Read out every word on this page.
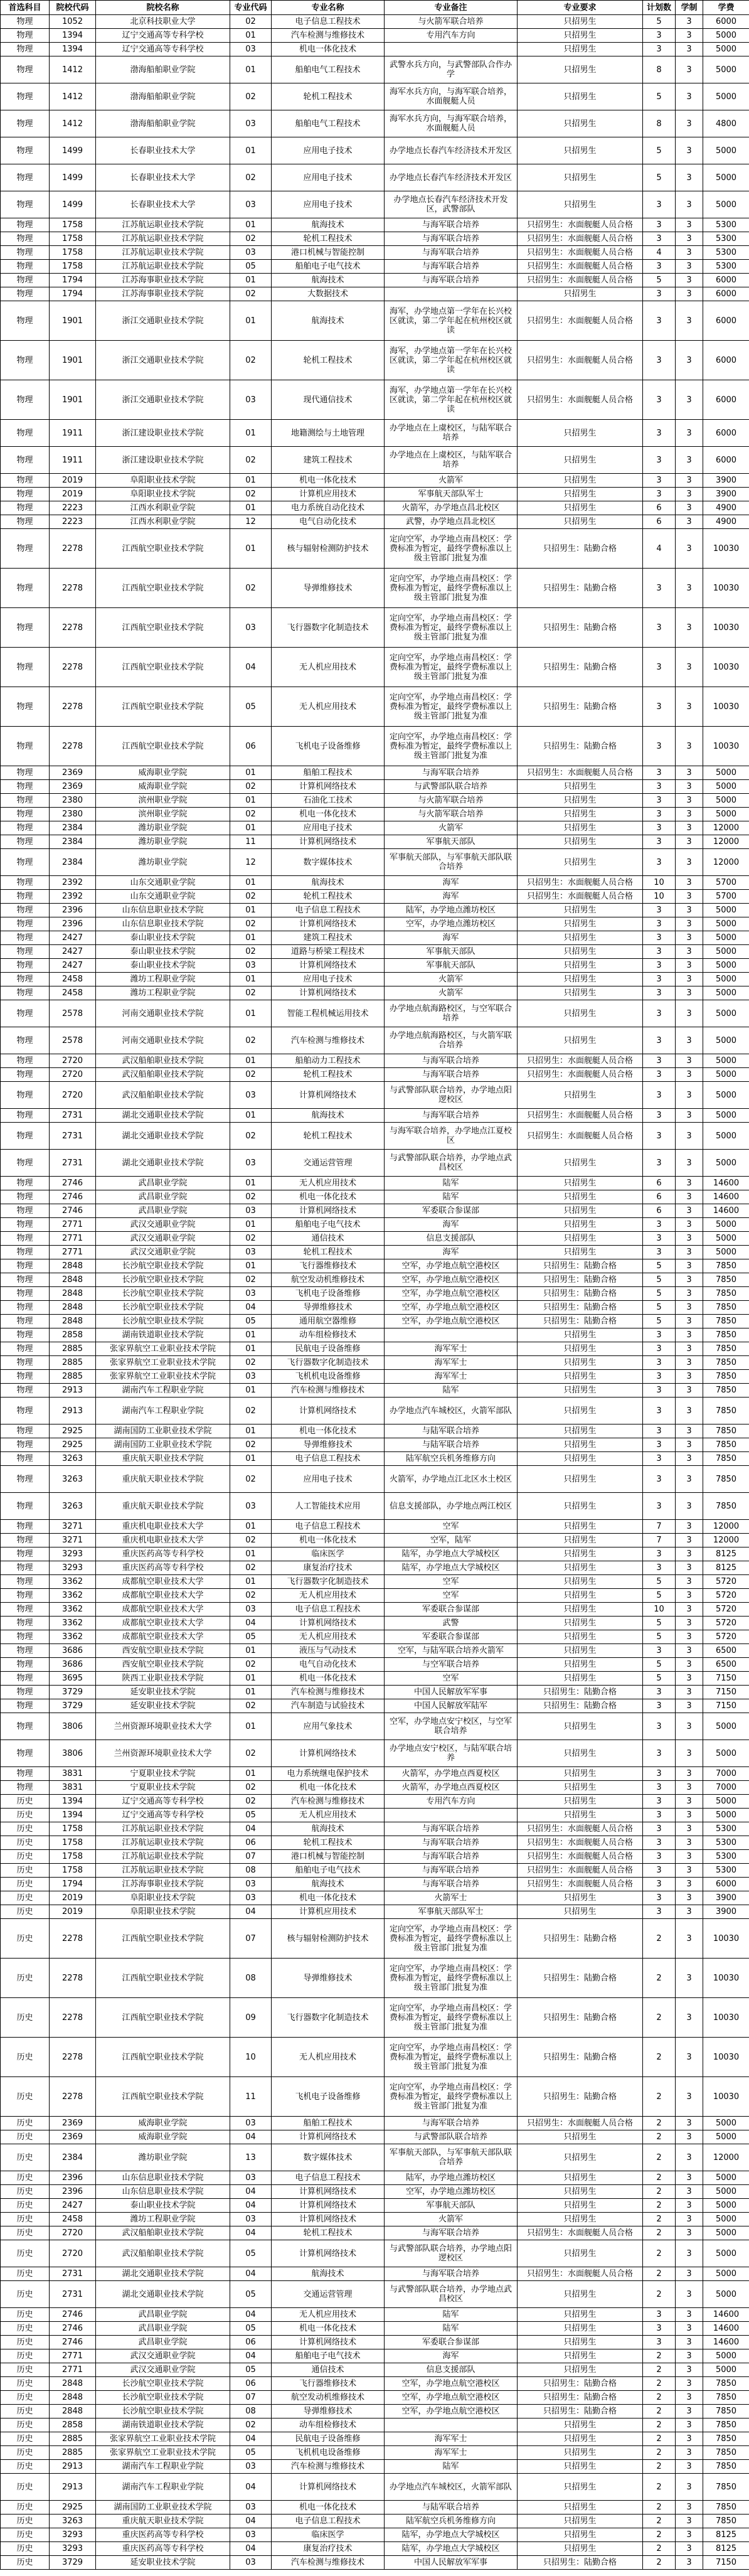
首选科目	院校代码	院校名称	专业代码	专业名称	专业备注	专业要求	计划数	学制	学费
物理	1052	北京科技职业大学	02	电子信息工程技术	与火箭军联合培养	只招男生	5	3	6000
物理	1394	辽宁交通高等专科学校	01	汽车检测与维修技术	专用汽车方向	只招男生	3	3	5000
物理	1394	辽宁交通高等专科学校	03	机电一体化技术		只招男生	3	3	5000
物理	1412	渤海船舶职业学院	01	船舶电气工程技术	武警水兵方向，与武警部队合作办学	只招男生	8	3	5000
物理	1412	渤海船舶职业学院	02	轮机工程技术	海军水兵方向，与海军联合培养，水面舰艇人员	只招男生	5	3	5000
物理	1412	渤海船舶职业学院	03	船舶电气工程技术	海军水兵方向，与海军联合培养，水面舰艇人员	只招男生	8	3	4800
物理	1499	长春职业技术大学	01	应用电子技术	办学地点长春汽车经济技术开发区	只招男生	5	3	5000
物理	1499	长春职业技术大学	02	应用电子技术	办学地点长春汽车经济技术开发区	只招男生	5	3	5000
物理	1499	长春职业技术大学	03	应用电子技术	办学地点长春汽车经济技术开发区，武警部队	只招男生	3	3	5000
物理	1758	江苏航运职业技术学院	01	航海技术	与海军联合培养	只招男生：水面舰艇人员合格	3	3	5300
物理	1758	江苏航运职业技术学院	02	轮机工程技术	与海军联合培养	只招男生：水面舰艇人员合格	3	3	5300
物理	1758	江苏航运职业技术学院	03	港口机械与智能控制	与海军联合培养	只招男生：水面舰艇人员合格	4	3	5300
物理	1758	江苏航运职业技术学院	05	船舶电子电气技术	与海军联合培养	只招男生：水面舰艇人员合格	3	3	5300
物理	1794	江苏海事职业技术学院	01	航海技术	与海军联合培养	只招男生：水面舰艇人员合格	5	3	6000
物理	1794	江苏海事职业技术学院	02	大数据技术		只招男生	3	3	6000
物理	1901	浙江交通职业技术学院	01	航海技术	海军，办学地点第一学年在长兴校区就读，第二学年起在杭州校区就读	只招男生：水面舰艇人员合格	3	3	6000
物理	1901	浙江交通职业技术学院	02	轮机工程技术	海军，办学地点第一学年在长兴校区就读，第二学年起在杭州校区就读	只招男生：水面舰艇人员合格	3	3	6000
物理	1901	浙江交通职业技术学院	03	现代通信技术	海军，办学地点第一学年在长兴校区就读，第二学年起在杭州校区就读	只招男生：水面舰艇人员合格	3	3	6000
物理	1911	浙江建设职业技术学院	01	地籍测绘与土地管理	办学地点在上虞校区，与陆军联合培养	只招男生	3	3	6000
物理	1911	浙江建设职业技术学院	02	建筑工程技术	办学地点在上虞校区，与陆军联合培养	只招男生	3	3	6000
物理	2019	阜阳职业技术学院	01	机电一体化技术	火箭军	只招男生	3	3	3900
物理	2019	阜阳职业技术学院	02	计算机应用技术	军事航天部队军士	只招男生	3	3	3900
物理	2223	江西水利职业学院	01	电力系统自动化技术	火箭军，办学地点昌北校区	只招男生	6	3	4900
物理	2223	江西水利职业学院	12	电气自动化技术	武警，办学地点昌北校区	只招男生	6	3	4900
物理	2278	江西航空职业技术学院	01	核与辐射检测防护技术	定向空军，办学地点南昌校区：学费标准为暂定，最终学费标准以上级主管部门批复为准	只招男生：陆勤合格	4	3	10030
物理	2278	江西航空职业技术学院	02	导弹维修技术	定向空军，办学地点南昌校区：学费标准为暂定，最终学费标准以上级主管部门批复为准	只招男生：陆勤合格	3	3	10030
物理	2278	江西航空职业技术学院	03	飞行器数字化制造技术	定向空军，办学地点南昌校区：学费标准为暂定，最终学费标准以上级主管部门批复为准	只招男生：陆勤合格	3	3	10030
物理	2278	江西航空职业技术学院	04	无人机应用技术	定向空军，办学地点南昌校区：学费标准为暂定，最终学费标准以上级主管部门批复为准	只招男生：陆勤合格	3	3	10030
物理	2278	江西航空职业技术学院	05	无人机应用技术	定向空军，办学地点南昌校区：学费标准为暂定，最终学费标准以上级主管部门批复为准	只招男生：陆勤合格	3	3	10030
物理	2278	江西航空职业技术学院	06	飞机电子设备维修	定向空军，办学地点南昌校区：学费标准为暂定，最终学费标准以上级主管部门批复为准	只招男生：陆勤合格	3	3	10030
物理	2369	威海职业学院	01	船舶工程技术	与海军联合培养	只招男生：水面舰艇人员合格	3	3	5000
物理	2369	威海职业学院	02	计算机网络技术	与武警部队联合培养	只招男生	3	3	5000
物理	2380	滨州职业学院	01	石油化工技术	与火箭军联合培养	只招男生	3	3	5000
物理	2380	滨州职业学院	02	机电一体化技术	与火箭军联合培养	只招男生	3	3	5000
物理	2384	潍坊职业学院	01	应用电子技术	火箭军	只招男生	3	3	12000
物理	2384	潍坊职业学院	11	计算机网络技术	军事航天部队	只招男生	3	3	12000
物理	2384	潍坊职业学院	12	数字媒体技术	军事航天部队，与军事航天部队联合培养	只招男生	3	3	12000
物理	2392	山东交通职业学院	01	航海技术	海军	只招男生：水面舰艇人员合格	10	3	5700
物理	2392	山东交通职业学院	02	轮机工程技术	海军	只招男生：水面舰艇人员合格	10	3	5700
物理	2396	山东信息职业技术学院	01	电子信息工程技术	陆军，办学地点潍坊校区	只招男生	3	3	5000
物理	2396	山东信息职业技术学院	02	计算机网络技术	空军，办学地点潍坊校区	只招男生	3	3	5000
物理	2427	泰山职业技术学院	01	建筑工程技术	海军	只招男生	3	3	5000
物理	2427	泰山职业技术学院	02	道路与桥梁工程技术	军事航天部队	只招男生	3	3	5000
物理	2427	泰山职业技术学院	03	计算机网络技术	军事航天部队	只招男生	3	3	5000
物理	2458	潍坊工程职业学院	01	应用电子技术	火箭军	只招男生	3	3	5000
物理	2458	潍坊工程职业学院	02	计算机网络技术	火箭军	只招男生	3	3	5000
物理	2578	河南交通职业技术学院	01	智能工程机械运用技术	办学地点航海路校区，与空军联合培养	只招男生	3	3	5000
物理	2578	河南交通职业技术学院	02	汽车检测与维修技术	办学地点航海路校区，与火箭军联合培养	只招男生	3	3	5000
物理	2720	武汉船舶职业技术学院	01	船舶动力工程技术	与海军联合培养	只招男生：水面舰艇人员合格	3	3	5000
物理	2720	武汉船舶职业技术学院	02	轮机工程技术	与海军联合培养	只招男生：水面舰艇人员合格	3	3	5000
物理	2720	武汉船舶职业技术学院	03	计算机网络技术	与武警部队联合培养，办学地点阳逻校区	只招男生	3	3	5000
物理	2731	湖北交通职业技术学院	01	航海技术	与海军联合培养	只招男生：水面舰艇人员合格	3	3	5000
物理	2731	湖北交通职业技术学院	02	轮机工程技术	与海军联合培养，办学地点江夏校区	只招男生：水面舰艇人员合格	3	3	5000
物理	2731	湖北交通职业技术学院	03	交通运营管理	与武警部队联合培养，办学地点武昌校区	只招男生	3	3	5000
物理	2746	武昌职业学院	01	无人机应用技术	陆军	只招男生	6	3	14600
物理	2746	武昌职业学院	02	机电一体化技术	陆军	只招男生	6	3	14600
物理	2746	武昌职业学院	03	计算机网络技术	军委联合参谋部	只招男生	6	3	14600
物理	2771	武汉交通职业学院	01	船舶电子电气技术	海军	只招男生	3	3	5000
物理	2771	武汉交通职业学院	02	通信技术	信息支援部队	只招男生	3	3	5000
物理	2771	武汉交通职业学院	03	轮机工程技术	海军	只招男生	3	3	5000
物理	2848	长沙航空职业技术学院	01	飞行器维修技术	空军，办学地点航空港校区	只招男生：陆勤合格	5	3	7850
物理	2848	长沙航空职业技术学院	02	航空发动机维修技术	空军，办学地点航空港校区	只招男生：陆勤合格	5	3	7850
物理	2848	长沙航空职业技术学院	03	飞机电子设备维修	空军，办学地点航空港校区	只招男生：陆勤合格	5	3	7850
物理	2848	长沙航空职业技术学院	04	导弹维修技术	空军，办学地点航空港校区	只招男生：陆勤合格	5	3	7850
物理	2848	长沙航空职业技术学院	05	通用航空器维修	空军，办学地点航空港校区	只招男生：陆勤合格	5	3	7850
物理	2858	湖南铁道职业技术学院	01	动车组检修技术		只招男生	3	3	7850
物理	2885	张家界航空工业职业技术学院	01	民航电子设备维修	海军军士	只招男生	3	3	7850
物理	2885	张家界航空工业职业技术学院	02	飞行器数字化制造技术	海军军士	只招男生	3	3	7850
物理	2885	张家界航空工业职业技术学院	03	飞机机电设备维修	海军军士	只招男生	3	3	7850
物理	2913	湖南汽车工程职业学院	01	汽车检测与维修技术	陆军	只招男生	3	3	7850
物理	2913	湖南汽车工程职业学院	02	计算机网络技术	办学地点汽车城校区，火箭军部队	只招男生	3	3	7850
物理	2925	湖南国防工业职业技术学院	01	机电一体化技术	与陆军联合培养	只招男生	3	3	7850
物理	2925	湖南国防工业职业技术学院	02	导弹维修技术	与陆军联合培养	只招男生	3	3	7850
物理	3263	重庆航天职业技术学院	01	电子信息工程技术	陆军航空兵机务维修方向	只招男生	3	3	7850
物理	3263	重庆航天职业技术学院	02	应用电子技术	火箭军，办学地点江北区水土校区	只招男生	3	3	7850
物理	3263	重庆航天职业技术学院	03	人工智能技术应用	信息支援部队，办学地点两江校区	只招男生	3	3	7850
物理	3271	重庆机电职业技术大学	01	电子信息工程技术	空军	只招男生	7	3	12000
物理	3271	重庆机电职业技术大学	02	机电一体化技术	空军，陆军	只招男生	7	3	12000
物理	3293	重庆医药高等专科学校	01	临床医学	陆军，办学地点大学城校区	只招男生	3	3	8125
物理	3293	重庆医药高等专科学校	02	康复治疗技术	陆军，办学地点大学城校区	只招男生	3	3	8125
物理	3362	成都航空职业技术大学	01	飞行器数字化制造技术	空军	只招男生	5	3	5720
物理	3362	成都航空职业技术大学	02	无人机应用技术	空军	只招男生	5	3	5720
物理	3362	成都航空职业技术大学	03	电子信息工程技术	军委联合参谋部	只招男生	10	3	5720
物理	3362	成都航空职业技术大学	04	计算机网络技术	武警	只招男生	5	3	5720
物理	3362	成都航空职业技术大学	05	无人机应用技术	军委联合参谋部	只招男生	5	3	5720
物理	3686	西安航空职业技术学院	01	液压与气动技术	空军，与陆军联合培养火箭军	只招男生	3	3	6500
物理	3686	西安航空职业技术学院	02	电气自动化技术	与空军联合培养	只招男生	5	3	6500
物理	3695	陕西工业职业技术学院	01	机电一体化技术	空军	只招男生	5	3	7150
物理	3729	延安职业技术学院	01	汽车检测与维修技术	中国人民解放军军事	只招男生：陆勤合格	3	3	7150
物理	3729	延安职业技术学院	02	汽车制造与试验技术	中国人民解放军陆军	只招男生：陆勤合格	3	3	7150
物理	3806	兰州资源环境职业技术大学	01	应用气象技术	空军，办学地点安宁校区，与空军联合培养	只招男生	3	3	5000
物理	3806	兰州资源环境职业技术大学	02	计算机网络技术	办学地点安宁校区，与陆军联合培养	只招男生	3	3	5000
物理	3831	宁夏职业技术学院	01	电力系统继电保护技术	火箭军，办学地点西夏校区	只招男生	3	3	7000
物理	3831	宁夏职业技术学院	02	机电一体化技术	火箭军，办学地点西夏校区	只招男生	3	3	7000
历史	1394	辽宁交通高等专科学校	02	汽车检测与维修技术	专用汽车方向	只招男生	3	3	5000
历史	1394	辽宁交通高等专科学校	05	无人机应用技术		只招男生	3	3	5000
历史	1758	江苏航运职业技术学院	04	航海技术	与海军联合培养	只招男生：水面舰艇人员合格	3	3	5300
历史	1758	江苏航运职业技术学院	06	轮机工程技术	与海军联合培养	只招男生：水面舰艇人员合格	3	3	5300
历史	1758	江苏航运职业技术学院	07	港口机械与智能控制	与海军联合培养	只招男生：水面舰艇人员合格	3	3	5300
历史	1758	江苏航运职业技术学院	08	船舶电子电气技术	与海军联合培养	只招男生：水面舰艇人员合格	3	3	5300
历史	1794	江苏海事职业技术学院	03	航海技术	与海军联合培养	只招男生：水面舰艇人员合格	3	3	6000
历史	2019	阜阳职业技术学院	03	机电一体化技术	火箭军士	只招男生	3	3	3900
历史	2019	阜阳职业技术学院	04	计算机应用技术	军事航天部队军士	只招男生	3	3	3900
历史	2278	江西航空职业技术学院	07	核与辐射检测防护技术	定向空军，办学地点南昌校区：学费标准为暂定，最终学费标准以上级主管部门批复为准	只招男生：陆勤合格	2	3	10030
历史	2278	江西航空职业技术学院	08	导弹维修技术	定向空军，办学地点南昌校区：学费标准为暂定，最终学费标准以上级主管部门批复为准	只招男生：陆勤合格	2	3	10030
历史	2278	江西航空职业技术学院	09	飞行器数字化制造技术	定向空军，办学地点南昌校区：学费标准为暂定，最终学费标准以上级主管部门批复为准	只招男生：陆勤合格	2	3	10030
历史	2278	江西航空职业技术学院	10	无人机应用技术	定向空军，办学地点南昌校区：学费标准为暂定，最终学费标准以上级主管部门批复为准	只招男生：陆勤合格	2	3	10030
历史	2278	江西航空职业技术学院	11	飞机电子设备维修	定向空军，办学地点南昌校区：学费标准为暂定，最终学费标准以上级主管部门批复为准	只招男生：陆勤合格	2	3	10030
历史	2369	威海职业学院	03	船舶工程技术	与海军联合培养	只招男生：水面舰艇人员合格	2	3	5000
历史	2369	威海职业学院	04	计算机网络技术	与武警部队联合培养	只招男生	2	3	5000
历史	2384	潍坊职业学院	13	数字媒体技术	军事航天部队，与军事航天部队联合培养	只招男生	2	3	12000
历史	2396	山东信息职业技术学院	03	电子信息工程技术	陆军，办学地点潍坊校区	只招男生	2	3	5000
历史	2396	山东信息职业技术学院	04	计算机网络技术	空军，办学地点潍坊校区	只招男生	2	3	5000
历史	2427	泰山职业技术学院	04	计算机网络技术	军事航天部队	只招男生	2	3	5000
历史	2458	潍坊工程职业学院	03	计算机网络技术	火箭军	只招男生	2	3	5000
历史	2720	武汉船舶职业技术学院	04	轮机工程技术	与海军联合培养	只招男生：水面舰艇人员合格	2	3	5000
历史	2720	武汉船舶职业技术学院	05	计算机网络技术	与武警部队联合培养，办学地点阳逻校区	只招男生	2	3	5000
历史	2731	湖北交通职业技术学院	04	航海技术	与海军联合培养	只招男生：水面舰艇人员合格	2	3	5000
历史	2731	湖北交通职业技术学院	05	交通运营管理	与武警部队联合培养，办学地点武昌校区	只招男生	2	3	5000
历史	2746	武昌职业学院	04	无人机应用技术	陆军	只招男生	3	3	14600
历史	2746	武昌职业学院	05	机电一体化技术	陆军	只招男生	3	3	14600
历史	2746	武昌职业学院	06	计算机网络技术	军委联合参谋部	只招男生	3	3	14600
历史	2771	武汉交通职业学院	04	船舶电子电气技术	海军	只招男生	2	3	5000
历史	2771	武汉交通职业学院	05	通信技术	信息支援部队	只招男生	2	3	5000
历史	2848	长沙航空职业技术学院	06	飞行器维修技术	空军，办学地点航空港校区	只招男生：陆勤合格	2	3	7850
历史	2848	长沙航空职业技术学院	07	航空发动机维修技术	空军，办学地点航空港校区	只招男生：陆勤合格	2	3	7850
历史	2848	长沙航空职业技术学院	08	导弹维修技术	空军，办学地点航空港校区	只招男生：陆勤合格	2	3	7850
历史	2858	湖南铁道职业技术学院	02	动车组检修技术		只招男生	2	3	7850
历史	2885	张家界航空工业职业技术学院	04	民航电子设备维修	海军军士	只招男生	2	3	7850
历史	2885	张家界航空工业职业技术学院	05	飞机机电设备维修	海军军士	只招男生	2	3	7850
历史	2913	湖南汽车工程职业学院	03	汽车检测与维修技术	陆军	只招男生	2	3	7850
历史	2913	湖南汽车工程职业学院	04	计算机网络技术	办学地点汽车城校区，火箭军部队	只招男生	2	3	7850
历史	2925	湖南国防工业职业技术学院	03	机电一体化技术	与陆军联合培养	只招男生	2	3	7850
历史	3263	重庆航天职业技术学院	04	电子信息工程技术	陆军航空兵机务维修方向	只招男生	2	3	7850
历史	3293	重庆医药高等专科学校	03	临床医学	陆军，办学地点大学城校区	只招男生	2	3	8125
历史	3293	重庆医药高等专科学校	04	康复治疗技术	陆军，办学地点大学城校区	只招男生	2	3	8125
历史	3729	延安职业技术学院	03	汽车检测与维修技术	中国人民解放军军事	只招男生：陆勤合格	2	3	7150
